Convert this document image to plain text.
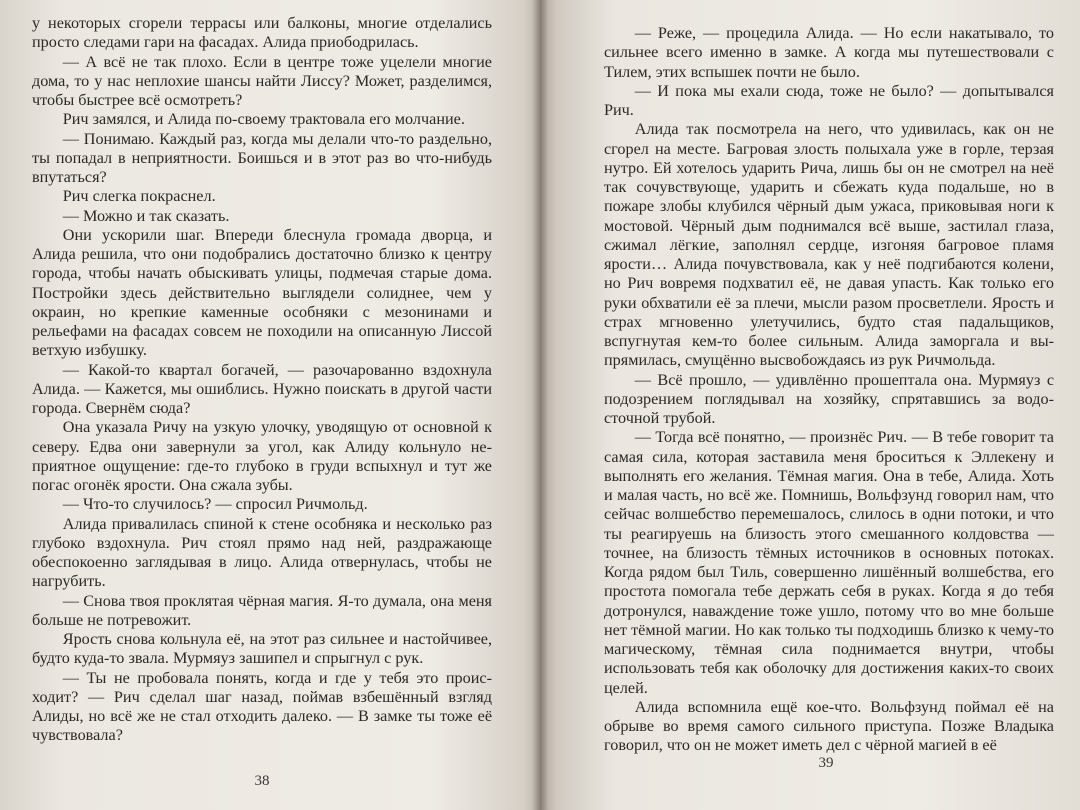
у некоторых сгорели террасы или балконы, многие отделались просто следами гари на фасадах. Алида приободрилась.

— А всё не так плохо. Если в центре тоже уцелели многие дома, то у нас неплохие шансы найти Лиссу? Может, разделимся, чтобы быстрее всё осмотреть?

Рич замялся, и Алида по-своему трактовала его молчание.

— Понимаю. Каждый раз, когда мы делали что-то раздельно, ты попадал в неприятности. Боишься и в этот раз во что-нибудь впутаться?

Рич слегка покраснел.

— Можно и так сказать.

Они ускорили шаг. Впереди блеснула громада дворца, и Алида решила, что они подобрались достаточно близко к центру города, чтобы начать обыскивать улицы, подмечая старые дома. Постройки здесь действительно выглядели солиднее, чем у окраин, но крепкие каменные особняки с мезонинами и рельефами на фасадах совсем не походили на описанную Лиссой ветхую избушку.

— Какой-то квартал богачей, — разочарованно вздохнула Алида. — Кажется, мы ошиблись. Нужно поискать в другой части города. Свернём сюда?

Она указала Ричу на узкую улочку, уводящую от основной к северу. Едва они завернули за угол, как Алиду кольнуло неприятное ощущение: где-то глубоко в груди вспыхнул и тут же погас огонёк ярости. Она сжала зубы.

— Что-то случилось? — спросил Ричмольд.

Алида привалилась спиной к стене особняка и несколько раз глубоко вздохнула. Рич стоял прямо над ней, раздражающе обеспокоенно заглядывая в лицо. Алида отвернулась, чтобы не нагрубить.

— Снова твоя проклятая чёрная магия. Я-то думала, она меня больше не потревожит.

Ярость снова кольнула её, на этот раз сильнее и настойчивее, будто куда-то звала. Мурмяуз зашипел и спрыгнул с рук.

— Ты не пробовала понять, когда и где у тебя это происходит? — Рич сделал шаг назад, поймав взбешённый взгляд Алиды, но всё же не стал отходить далеко. — В замке ты тоже её чувствовала?

38

— Реже, — процедила Алида. — Но если накатывало, то сильнее всего именно в замке. А когда мы путешествовали с Тилем, этих вспышек почти не было.

— И пока мы ехали сюда, тоже не было? — допытывался Рич.

Алида так посмотрела на него, что удивилась, как он не сгорел на месте. Багровая злость полыхала уже в горле, терзая нутро. Ей хотелось ударить Рича, лишь бы он не смотрел на неё так сочувствующе, ударить и сбежать куда подальше, но в пожаре злобы клубился чёрный дым ужаса, приковывая ноги к мостовой. Чёрный дым поднимался всё выше, застилал глаза, сжимал лёгкие, заполнял сердце, изгоняя багровое пламя ярости… Алида почувствовала, как у неё подгибаются колени, но Рич вовремя подхватил её, не давая упасть. Как только его руки обхватили её за плечи, мысли разом просветлели. Ярость и страх мгновенно улетучились, будто стая падальщиков, вспугнутая кем-то более сильным. Алида заморгала и выпрямилась, смущённо высвобождаясь из рук Ричмольда.

— Всё прошло, — удивлённо прошептала она. Мурмяуз с подозрением поглядывал на хозяйку, спрятавшись за водосточной трубой.

— Тогда всё понятно, — произнёс Рич. — В тебе говорит та самая сила, которая заставила меня броситься к Эллекену и выполнять его желания. Тёмная магия. Она в тебе, Алида. Хоть и малая часть, но всё же. Помнишь, Вольфзунд говорил нам, что сейчас волшебство перемешалось, слилось в одни потоки, и что ты реагируешь на близость этого смешанного колдовства — точнее, на близость тёмных источников в основных потоках. Когда рядом был Тиль, совершенно лишённый волшебства, его простота помогала тебе держать себя в руках. Когда я до тебя дотронулся, наваждение тоже ушло, потому что во мне больше нет тёмной магии. Но как только ты подходишь близко к чему-то магическому, тёмная сила поднимается внутри, чтобы использовать тебя как оболочку для достижения каких-то своих целей.

Алида вспомнила ещё кое-что. Вольфзунд поймал её на обрыве во время самого сильного приступа. Позже Владыка говорил, что он не может иметь дел с чёрной магией в её

39
